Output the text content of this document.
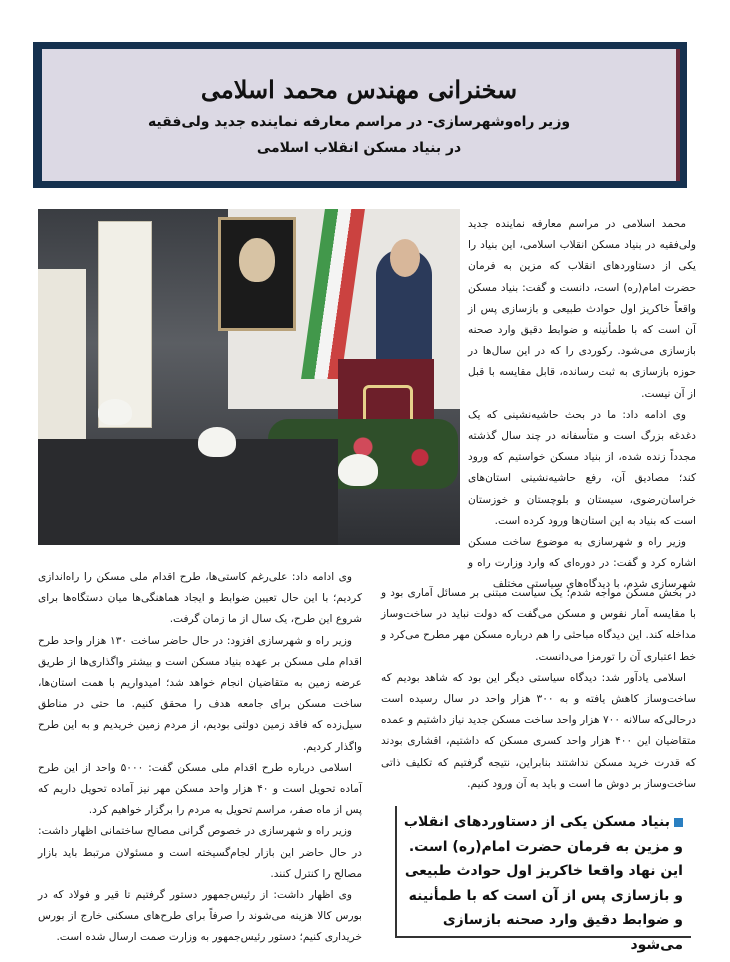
سخنرانی مهندس محمد اسلامی

وزیر راه‌وشهرسازی- در مراسم معارفه نماینده جدید ولی‌فقیه

در بنیاد مسکن انقلاب اسلامی

محمد اسلامی در مراسم معارفه نماینده جدید ولی‌فقیه در بنیاد مسکن انقلاب اسلامی، این بنیاد را یکی از دستاوردهای انقلاب که مزین به فرمان حضرت امام(ره) است، دانست و گفت: بنیاد مسکن واقعاً خاکریز اول حوادث طبیعی و بازسازی پس از آن است که با طمأنینه و ضوابط دقیق وارد صحنه بازسازی می‌شود. رکوردی را که در این سال‌ها در حوزه بازسازی به ثبت رسانده، قابل مقایسه با قبل از آن نیست.

وی ادامه داد: ما در بحث حاشیه‌نشینی که یک دغدغه بزرگ است و متأسفانه در چند سال گذشته مجدداً زنده شده، از بنیاد مسکن خواستیم که ورود کند؛ مصادیق آن، رفع حاشیه‌نشینی استان‌های خراسان‌رضوی، سیستان و بلوچستان و خوزستان است که بنیاد به این استان‌ها ورود کرده است.

وزیر راه و شهرسازی به موضوع ساخت مسکن اشاره کرد و گفت: در دوره‌ای که وارد وزارت راه و شهرسازی شدم، با دیدگاه‌های سیاستی مختلف

در بخش مسکن مواجه شدم؛ یک سیاست مبتنی بر مسائل آماری بود و با مقایسه آمار نفوس و مسکن می‌گفت که دولت نباید در ساخت‌وساز مداخله کند. این دیدگاه مباحثی را هم درباره مسکن مهر مطرح می‌کرد و خط اعتباری آن را تورمزا می‌دانست.

اسلامی یادآور شد: دیدگاه سیاستی دیگر این بود که شاهد بودیم که ساخت‌وساز کاهش یافته و به ۳۰۰ هزار واحد در سال رسیده است درحالی‌که سالانه ۷۰۰ هزار واحد ساخت مسکن جدید نیاز داشتیم و عمده متقاضیان این ۴۰۰ هزار واحد کسری مسکن که داشتیم، اقشاری بودند که قدرت خرید مسکن نداشتند بنابراین، نتیجه گرفتیم که تکلیف ذاتی ساخت‌وساز بر دوش ما است و باید به آن ورود کنیم.

وی ادامه داد: علی‌رغم کاستی‌ها، طرح اقدام ملی مسکن را راه‌اندازی کردیم؛ با این حال تعیین ضوابط و ایجاد هماهنگی‌ها میان دستگاه‌ها برای شروع این طرح، یک سال از ما زمان گرفت.

وزیر راه و شهرسازی افزود: در حال حاضر ساخت ۱۳۰ هزار واحد طرح اقدام ملی مسکن بر عهده بنیاد مسکن است و بیشتر واگذاری‌ها از طریق عرضه زمین به متقاضیان انجام خواهد شد؛ امیدواریم با همت استان‌ها، ساخت مسکن برای جامعه هدف را محقق کنیم. ما حتی در مناطق سیل‌زده که فاقد زمین دولتی بودیم، از مردم زمین خریدیم و به این طرح واگذار کردیم.

اسلامی درباره طرح اقدام ملی مسکن گفت: ۵۰۰۰ واحد از این طرح آماده تحویل است و ۴۰ هزار واحد مسکن مهر نیز آماده تحویل داریم که پس از ماه صفر، مراسم تحویل به مردم را برگزار خواهیم کرد.

وزیر راه و شهرسازی در خصوص گرانی مصالح ساختمانی اظهار داشت: در حال حاضر این بازار لجام‌گسیخته است و مسئولان مرتبط باید بازار مصالح را کنترل کنند.

وی اظهار داشت: از رئیس‌جمهور دستور گرفتیم تا قیر و فولاد که در بورس کالا هزینه می‌شوند را صرفاً برای طرح‌های مسکنی خارج از بورس خریداری کنیم؛ دستور رئیس‌جمهور به وزارت صمت ارسال شده است.

بنیاد مسکن یکی از دستاوردهای انقلاب و مزین به فرمان حضرت امام(ره) است. این نهاد واقعا خاکریز اول حوادث طبیعی و بازسازی پس از آن است که با طمأنینه و ضوابط دقیق وارد صحنه بازسازی می‌شود
